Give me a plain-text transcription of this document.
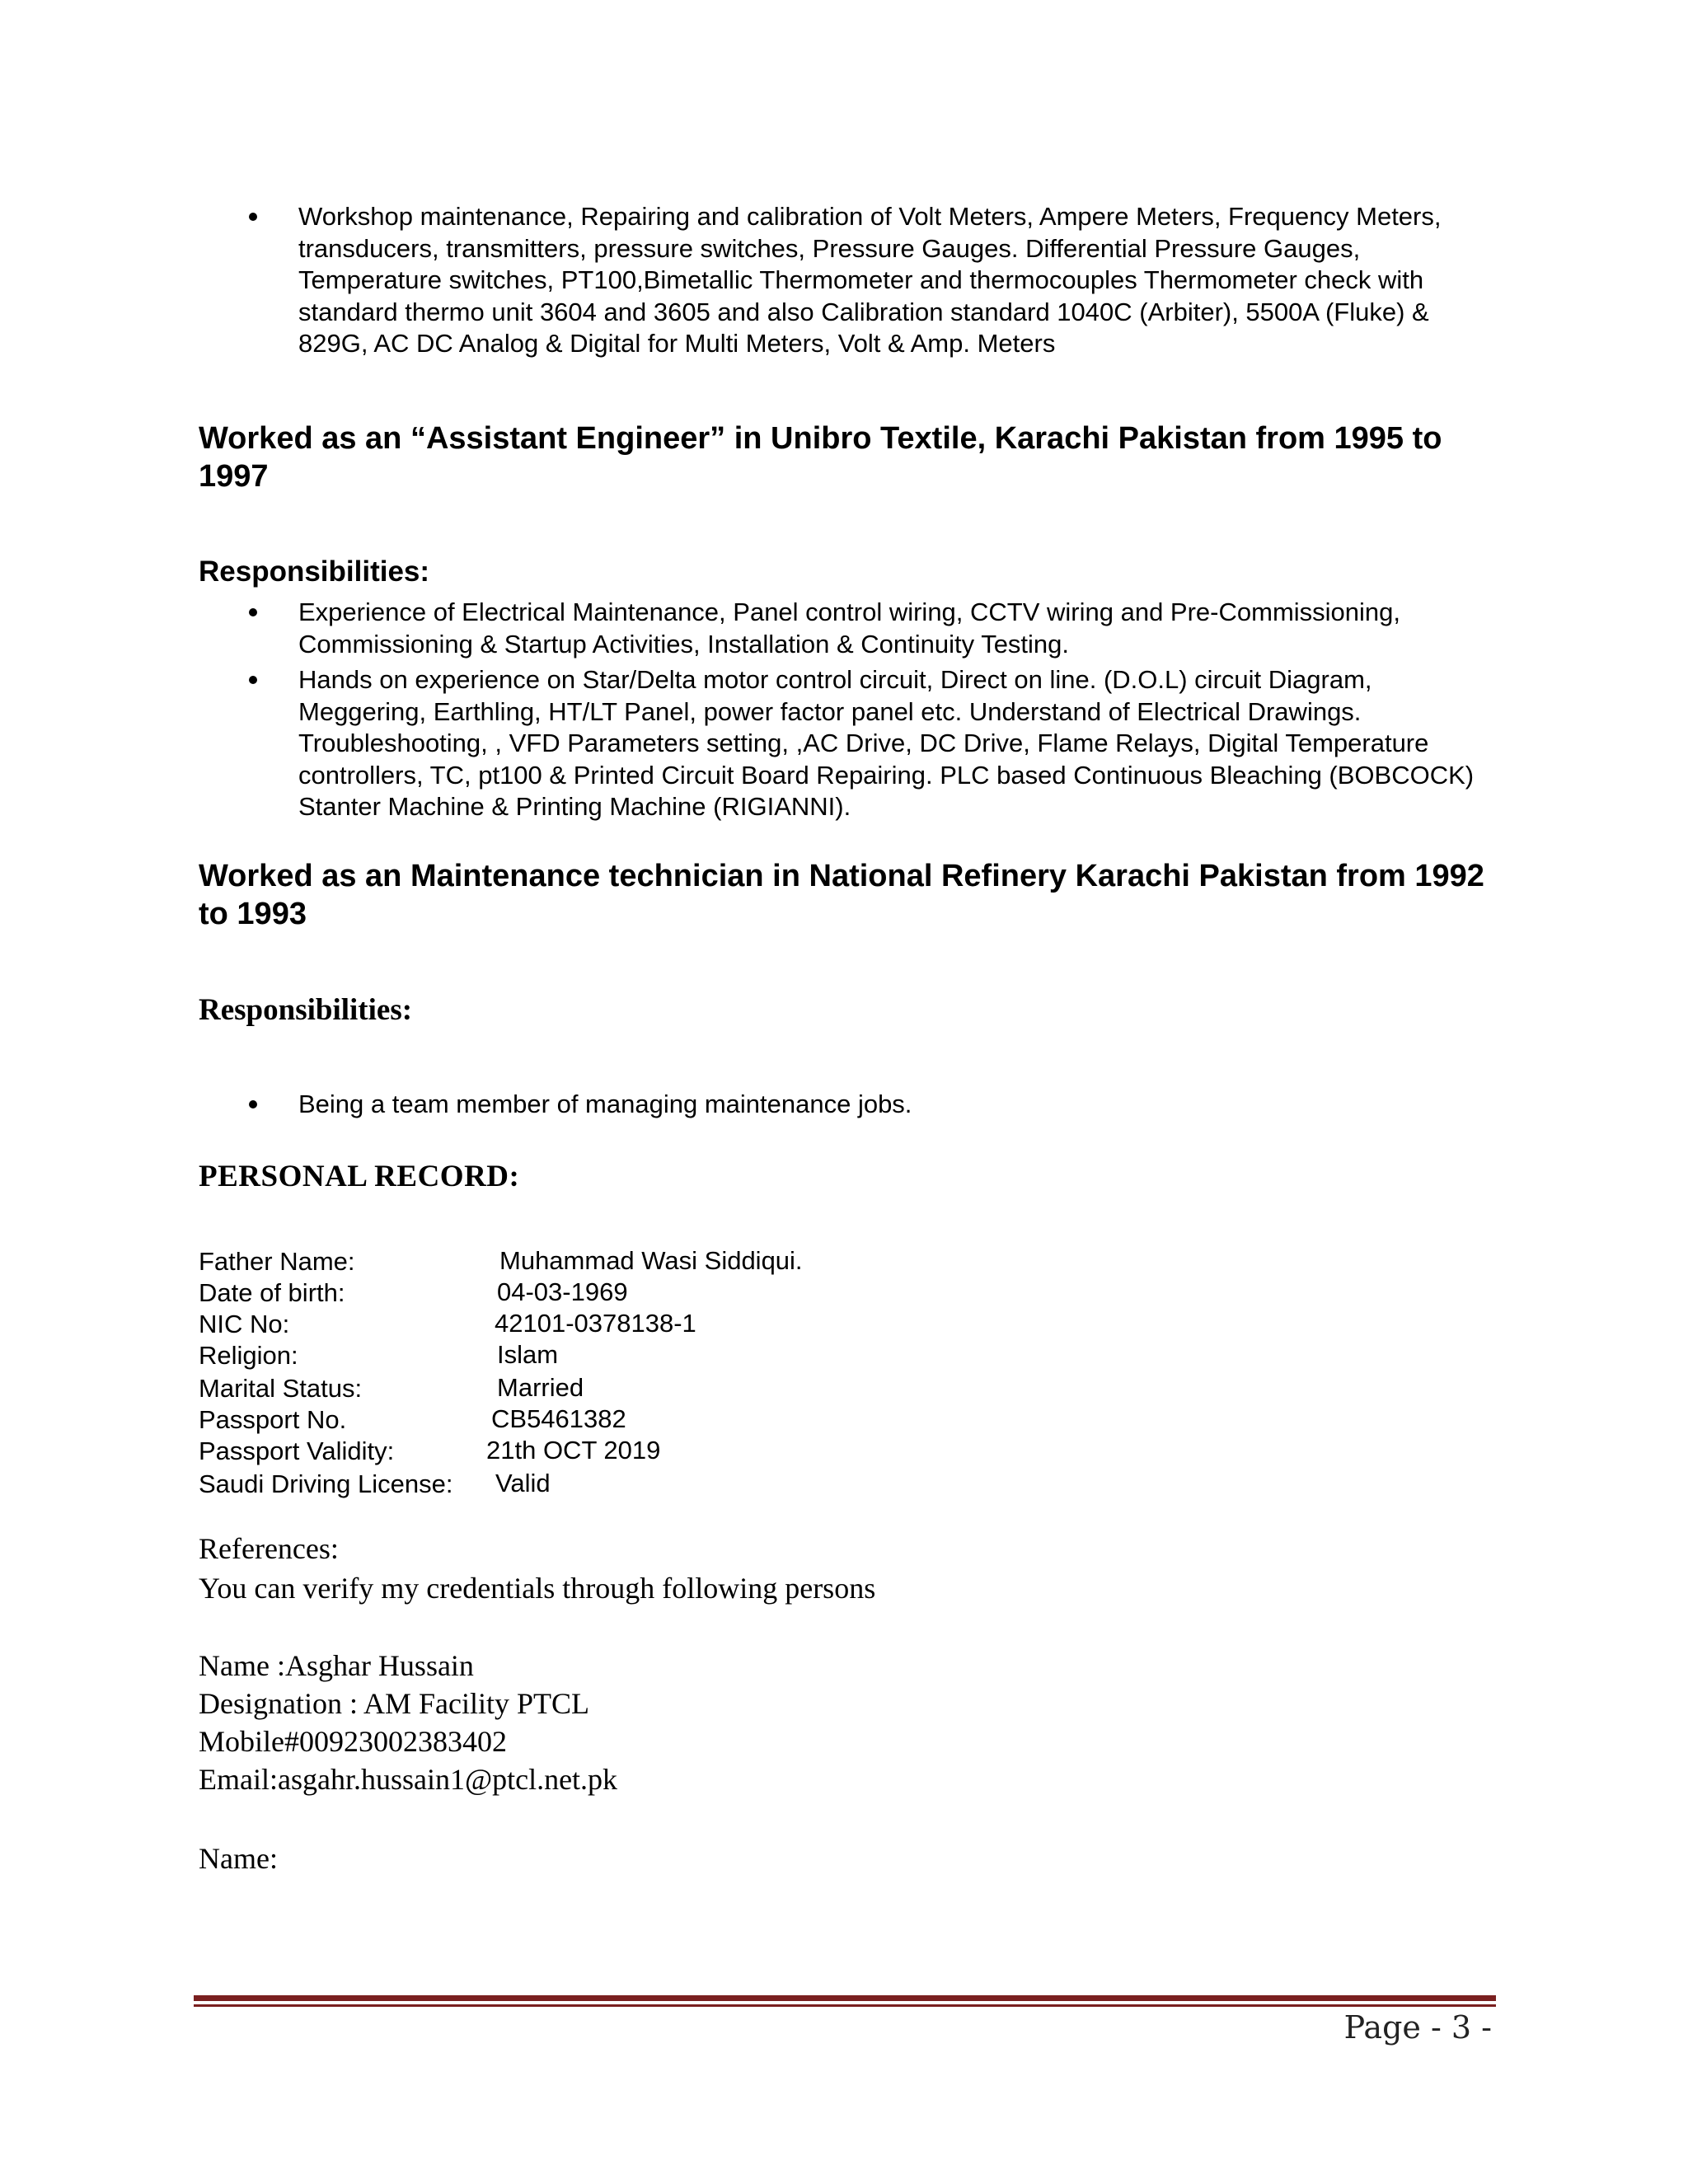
Workshop maintenance, Repairing and calibration of Volt Meters, Ampere Meters, Frequency Meters, transducers, transmitters, pressure switches, Pressure Gauges. Differential Pressure Gauges, Temperature switches, PT100,Bimetallic Thermometer and thermocouples Thermometer check with standard thermo unit 3604 and 3605 and also Calibration standard 1040C (Arbiter), 5500A (Fluke) & 829G, AC DC Analog & Digital for Multi Meters, Volt & Amp. Meters
Worked as an “Assistant Engineer” in Unibro Textile, Karachi Pakistan from 1995 to 1997
Responsibilities:
Experience of Electrical Maintenance, Panel control wiring, CCTV wiring and Pre-Commissioning, Commissioning & Startup Activities, Installation & Continuity Testing.
Hands on experience on Star/Delta motor control circuit, Direct on line. (D.O.L) circuit Diagram, Meggering, Earthling, HT/LT Panel, power factor panel etc. Understand of Electrical Drawings. Troubleshooting, , VFD Parameters setting, ,AC Drive, DC Drive, Flame Relays, Digital Temperature controllers, TC, pt100 & Printed Circuit Board Repairing. PLC based Continuous Bleaching (BOBCOCK) Stanter Machine & Printing Machine (RIGIANNI).
Worked as an Maintenance technician in National Refinery Karachi Pakistan from 1992 to 1993
Responsibilities:
Being a team member of managing maintenance jobs.
PERSONAL RECORD:
Father Name:	Muhammad Wasi Siddiqui.
Date of birth:	04-03-1969
NIC No:	42101-0378138-1
Religion:	Islam
Marital Status:	Married
Passport No.	CB5461382
Passport Validity:	21th OCT 2019
Saudi Driving License: Valid
References:
You can verify my credentials through following persons
Name :Asghar Hussain
Designation : AM Facility PTCL
Mobile#00923002383402
Email:asgahr.hussain1@ptcl.net.pk
Name:
Page - 3 -
